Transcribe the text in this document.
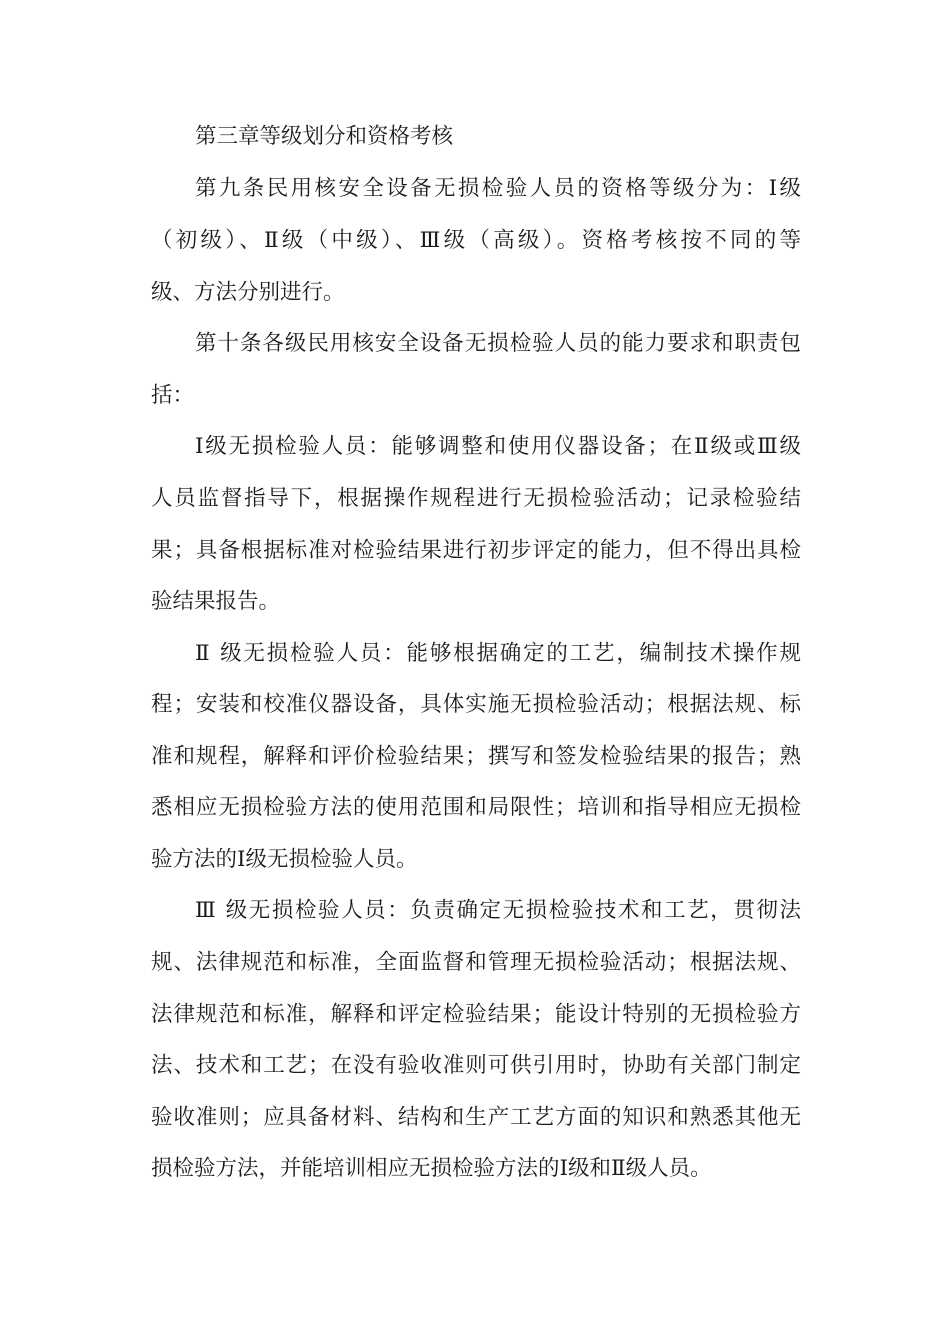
第三章等级划分和资格考核
第九条民用核安全设备无损检验人员的资格等级分为：Ⅰ级
（初级）、Ⅱ级（中级）、Ⅲ级（高级）。资格考核按不同的等
级、方法分别进行。
第十条各级民用核安全设备无损检验人员的能力要求和职责包
括：
Ⅰ级无损检验人员：能够调整和使用仪器设备；在Ⅱ级或Ⅲ级
人员监督指导下，根据操作规程进行无损检验活动；记录检验结
果；具备根据标准对检验结果进行初步评定的能力，但不得出具检
验结果报告。
Ⅱ 级无损检验人员：能够根据确定的工艺，编制技术操作规
程；安装和校准仪器设备，具体实施无损检验活动；根据法规、标
准和规程，解释和评价检验结果；撰写和签发检验结果的报告；熟
悉相应无损检验方法的使用范围和局限性；培训和指导相应无损检
验方法的Ⅰ级无损检验人员。
Ⅲ 级无损检验人员：负责确定无损检验技术和工艺，贯彻法
规、法律规范和标准，全面监督和管理无损检验活动；根据法规、
法律规范和标准，解释和评定检验结果；能设计特别的无损检验方
法、技术和工艺；在没有验收准则可供引用时，协助有关部门制定
验收准则；应具备材料、结构和生产工艺方面的知识和熟悉其他无
损检验方法，并能培训相应无损检验方法的Ⅰ级和Ⅱ级人员。
